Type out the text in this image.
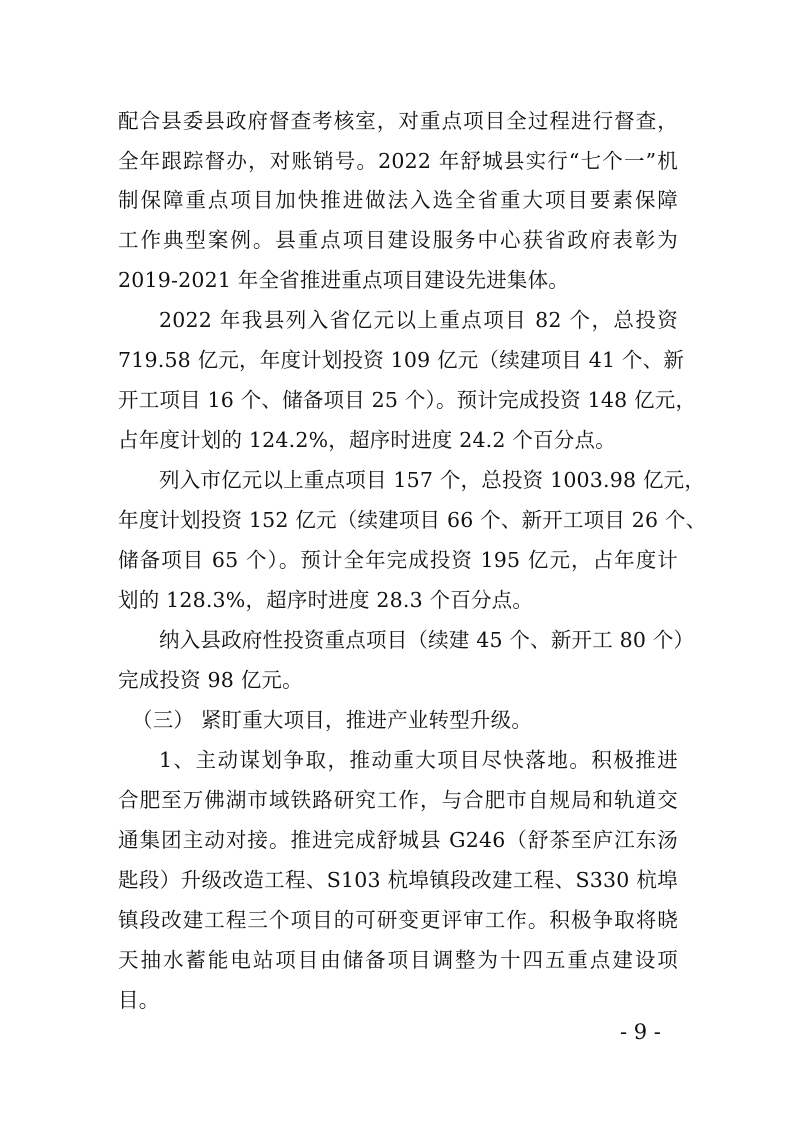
配合县委县政府督查考核室，对重点项目全过程进行督查，
全年跟踪督办，对账销号。2022 年舒城县实行“七个一”机
制保障重点项目加快推进做法入选全省重大项目要素保障
工作典型案例。县重点项目建设服务中心获省政府表彰为
2019-2021 年全省推进重点项目建设先进集体。
2022 年我县列入省亿元以上重点项目 82 个，总投资
719.58 亿元，年度计划投资 109 亿元（续建项目 41 个、新
开工项目 16 个、储备项目 25 个）。预计完成投资 148 亿元，
占年度计划的 124.2%，超序时进度 24.2 个百分点。
列入市亿元以上重点项目 157 个，总投资 1003.98 亿元，
年度计划投资 152 亿元（续建项目 66 个、新开工项目 26 个、
储备项目 65 个）。预计全年完成投资 195 亿元，占年度计
划的 128.3%，超序时进度 28.3 个百分点。
纳入县政府性投资重点项目（续建 45 个、新开工 80 个）
完成投资 98 亿元。
（三） 紧盯重大项目，推进产业转型升级。
1、主动谋划争取，推动重大项目尽快落地。积极推进
合肥至万佛湖市域铁路研究工作，与合肥市自规局和轨道交
通集团主动对接。推进完成舒城县 G246（舒茶至庐江东汤
匙段）升级改造工程、S103 杭埠镇段改建工程、S330 杭埠
镇段改建工程三个项目的可研变更评审工作。积极争取将晓
天抽水蓄能电站项目由储备项目调整为十四五重点建设项
目。
- 9 -
